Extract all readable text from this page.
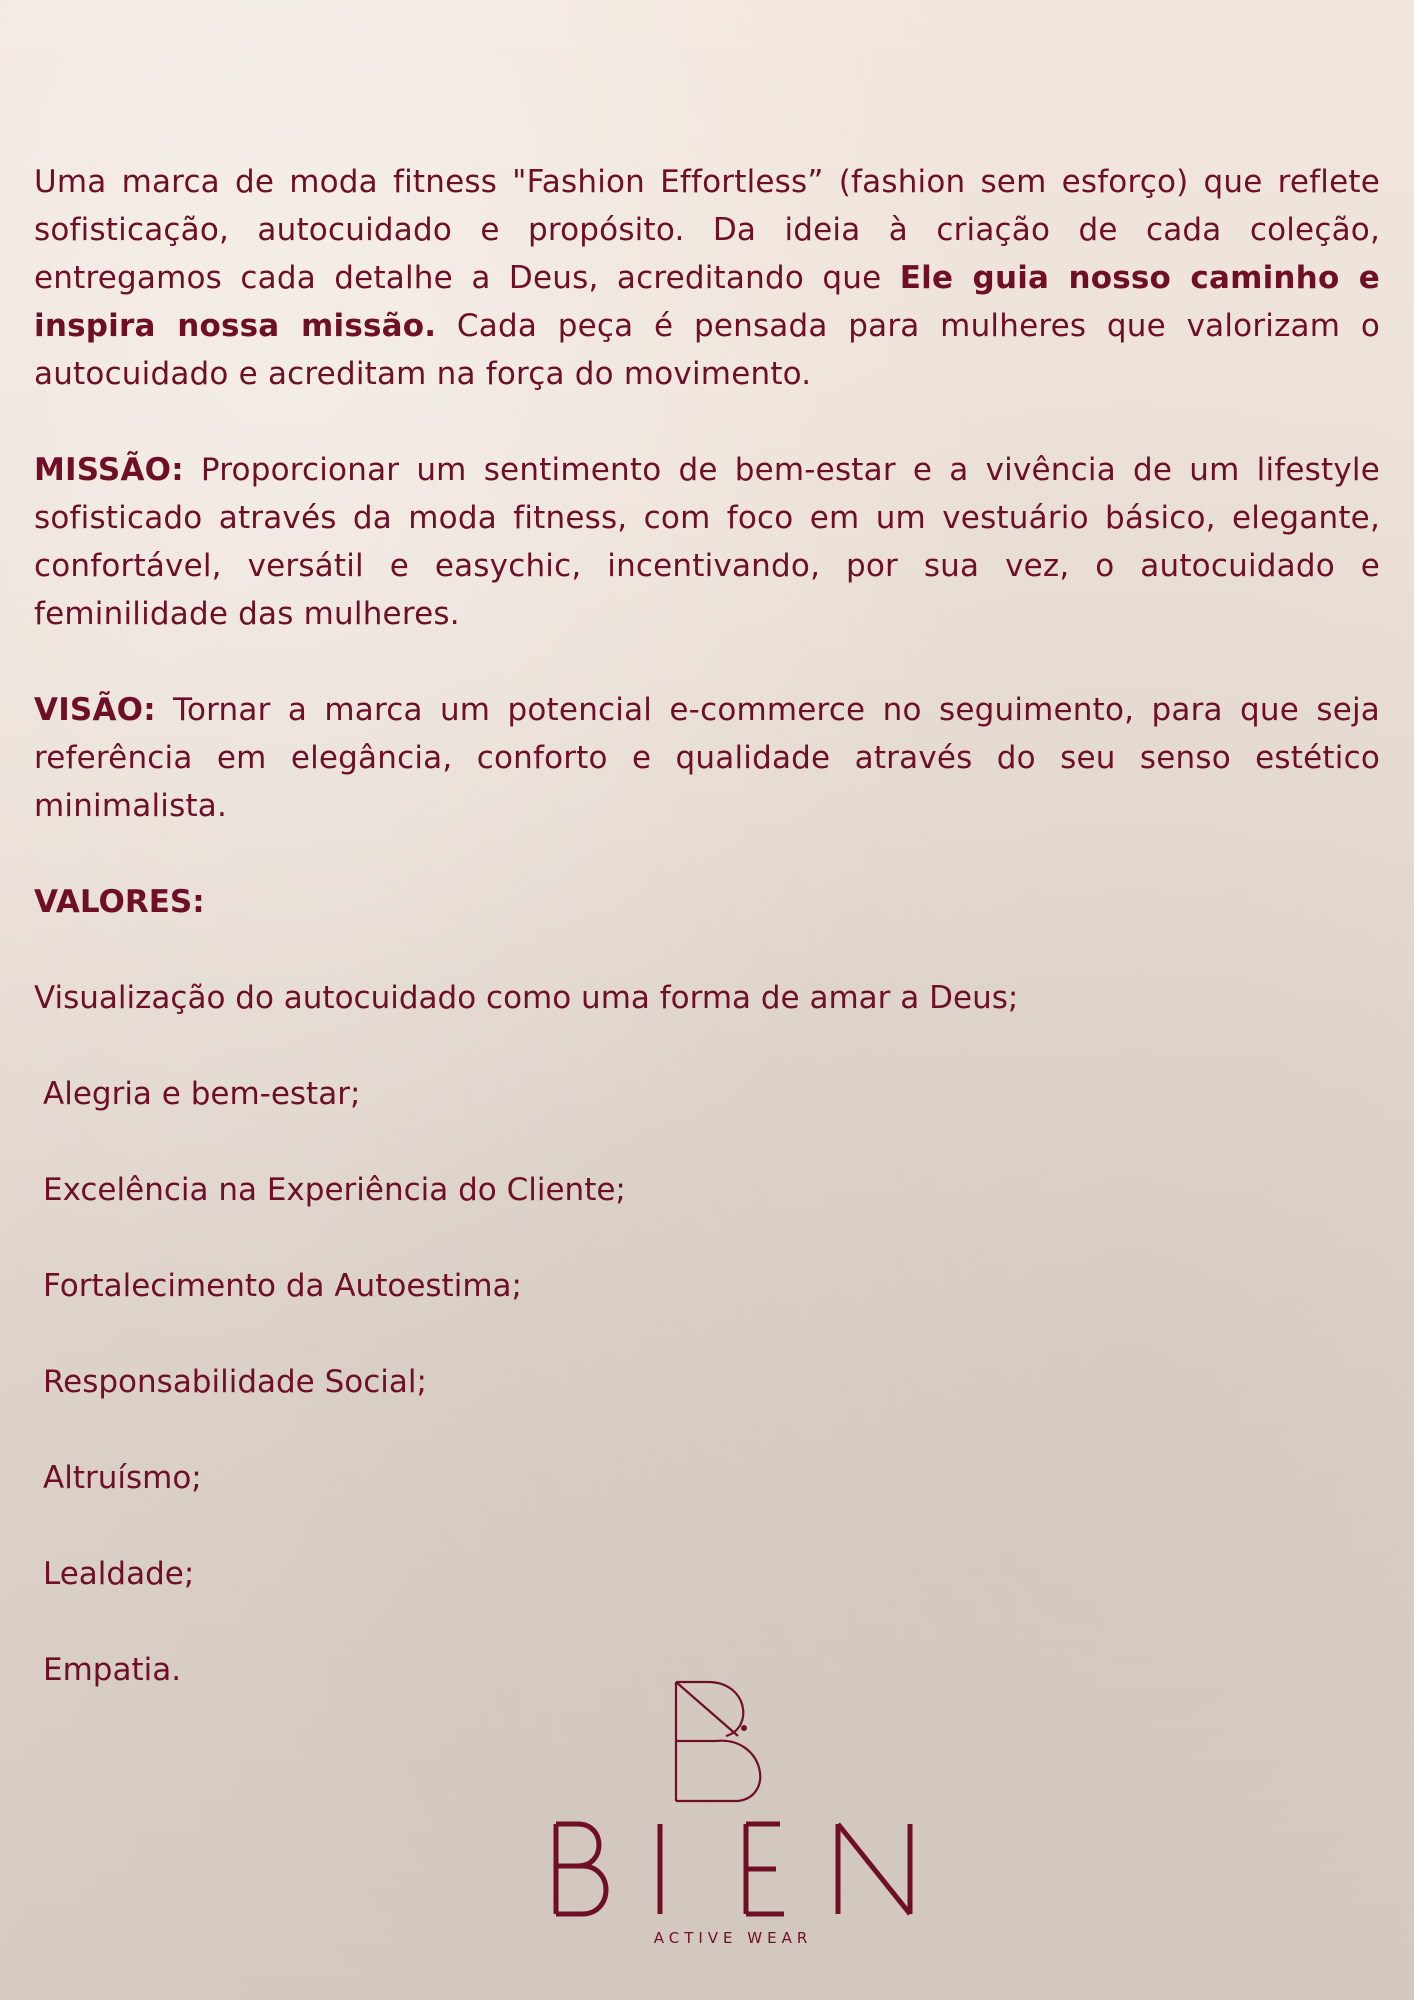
Uma marca de moda fitness "Fashion Effortless” (fashion sem esforço) que reflete sofisticação, autocuidado e propósito. Da ideia à criação de cada coleção, entregamos cada detalhe a Deus, acreditando que Ele guia nosso caminho e inspira nossa missão. Cada peça é pensada para mulheres que valorizam o autocuidado e acreditam na força do movimento.

MISSÃO: Proporcionar um sentimento de bem-estar e a vivência de um lifestyle sofisticado através da moda fitness, com foco em um vestuário básico, elegante, confortável, versátil e easychic, incentivando, por sua vez, o autocuidado e feminilidade das mulheres.

VISÃO: Tornar a marca um potencial e-commerce no seguimento, para que seja referência em elegância, conforto e qualidade através do seu senso estético minimalista.

VALORES:

Visualização do autocuidado como uma forma de amar a Deus;
Alegria e bem-estar;
Excelência na Experiência do Cliente;
Fortalecimento da Autoestima;
Responsabilidade Social;
Altruísmo;
Lealdade;
Empatia.
ACTIVE WEAR
